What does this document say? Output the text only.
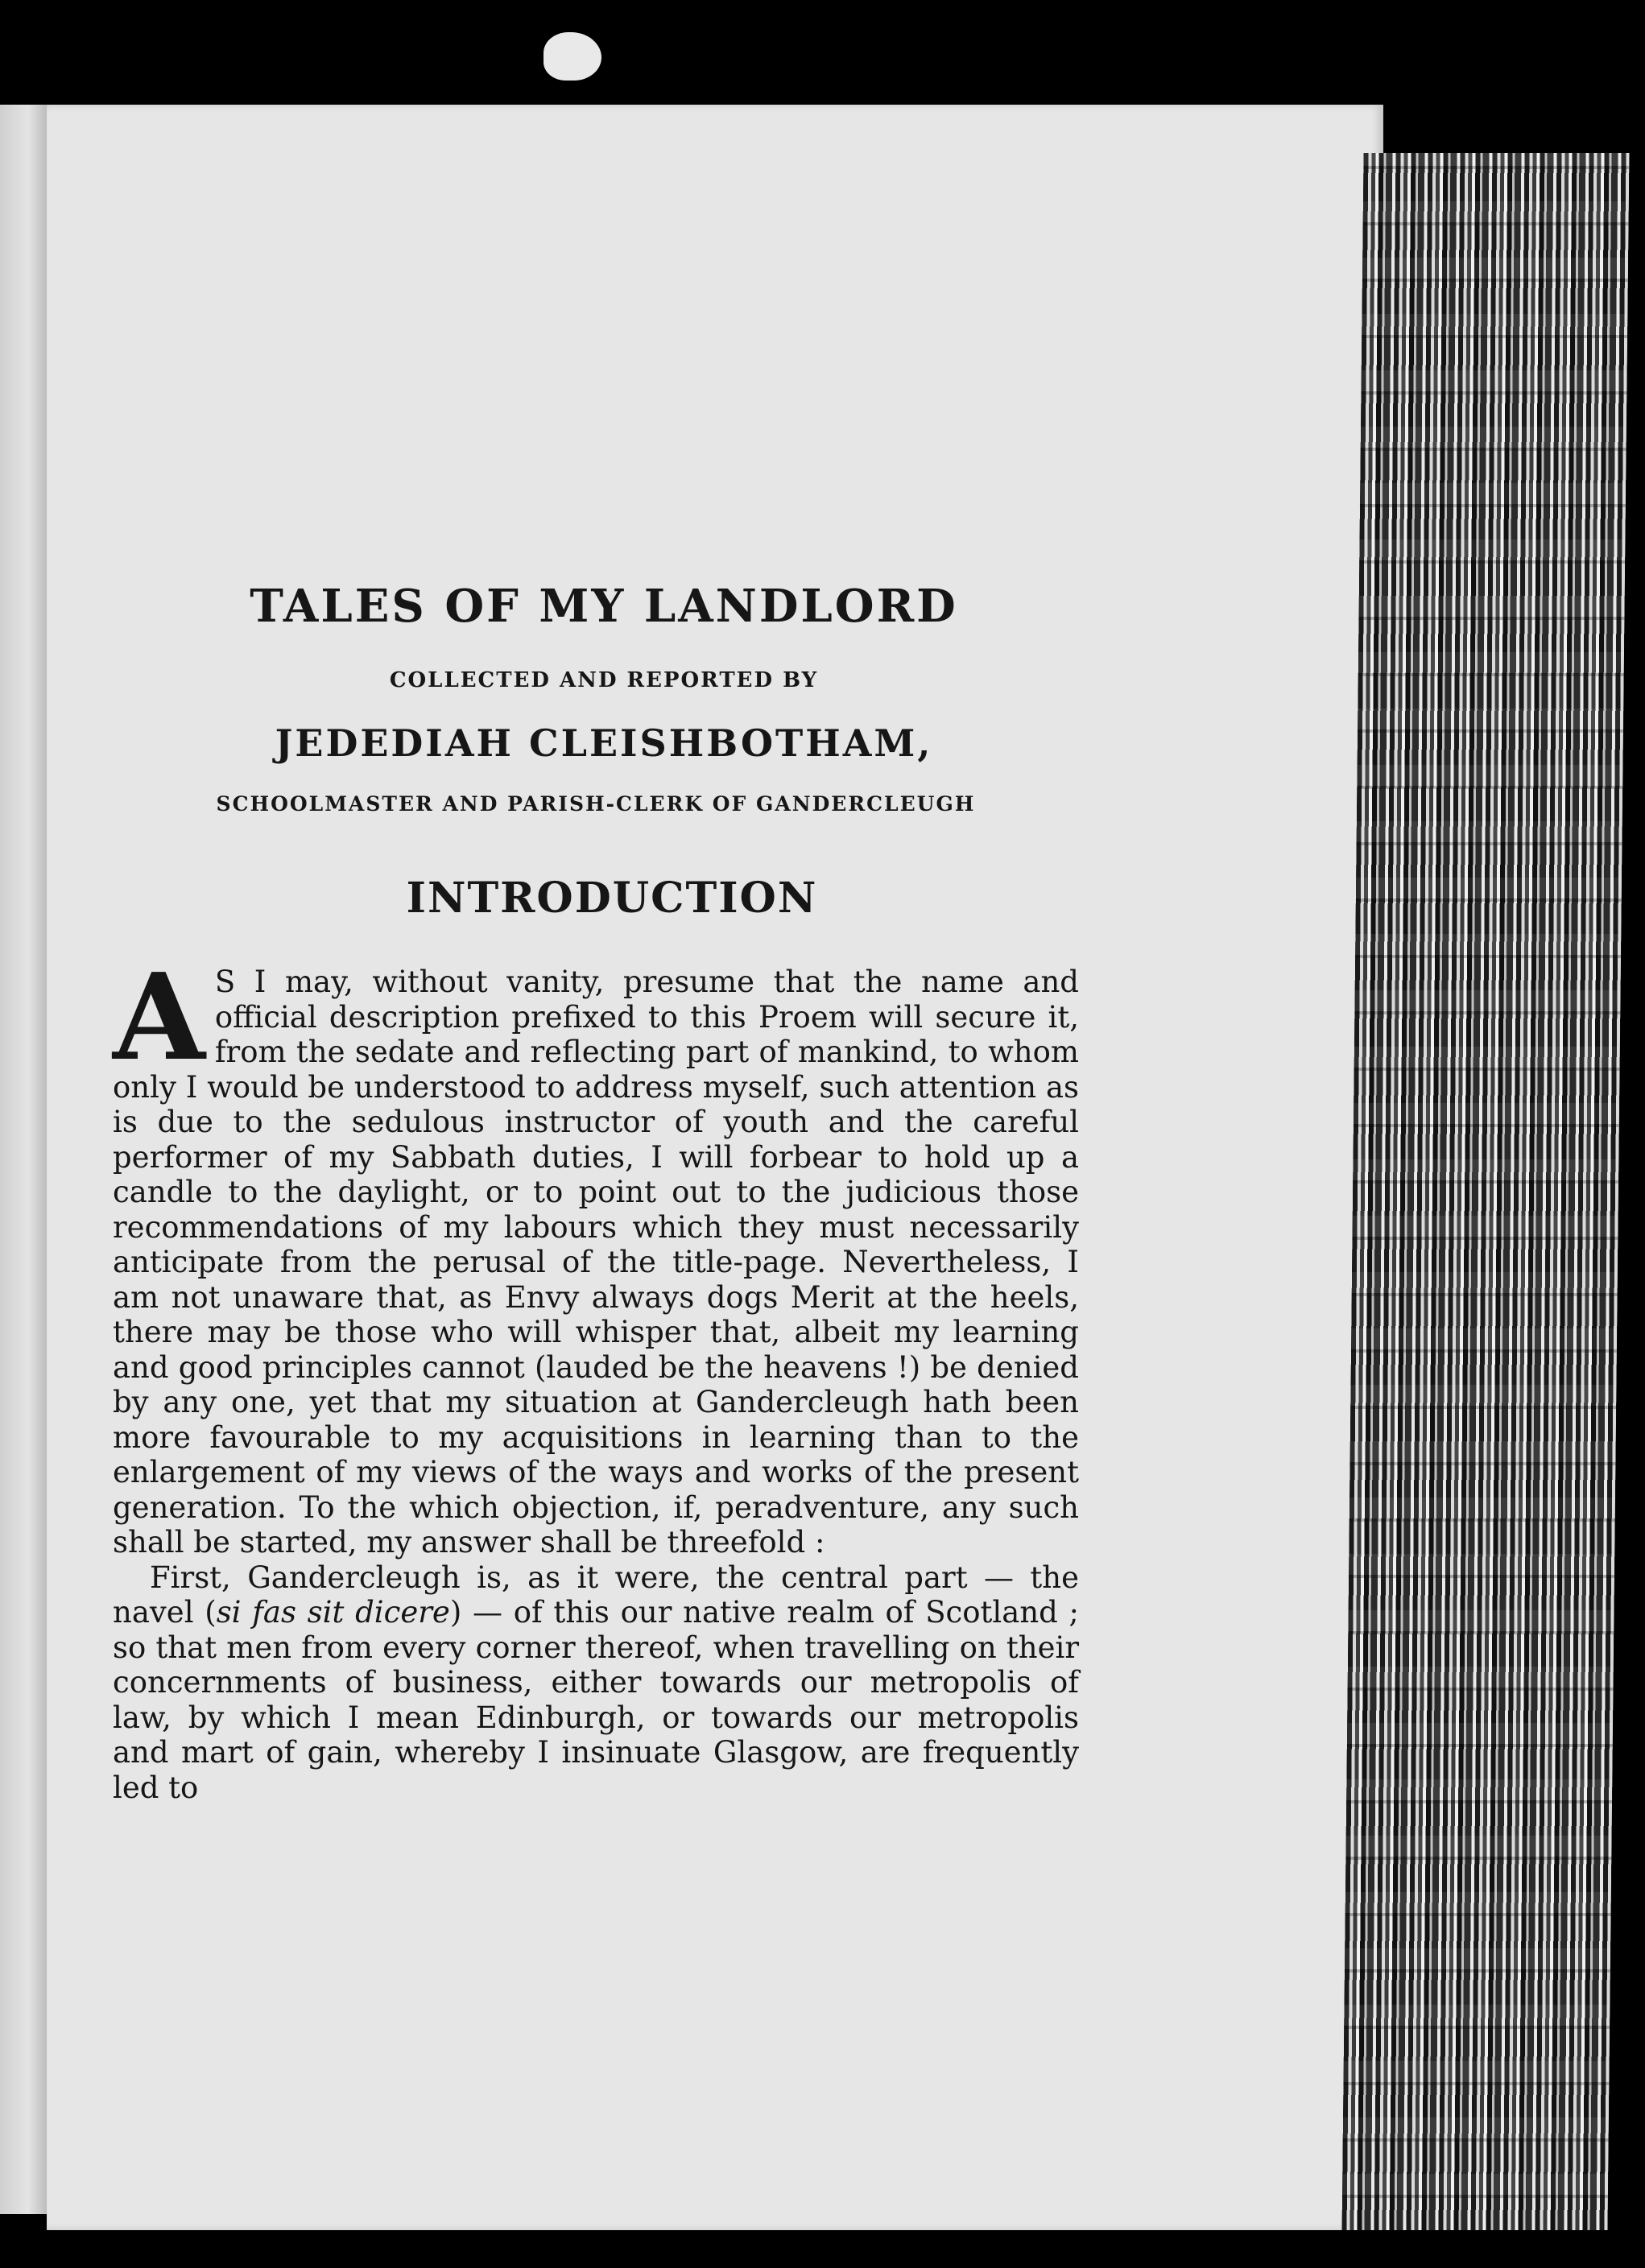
TALES OF MY LANDLORD
COLLECTED AND REPORTED BY
JEDEDIAH CLEISHBOTHAM,
SCHOOLMASTER AND PARISH-CLERK OF GANDERCLEUGH
INTRODUCTION

A S I may, without vanity, presume that the name and official description prefixed to this Proem will secure it, from the sedate and reflecting part of mankind, to whom only I would be understood to address myself, such attention as is due to the sedulous instructor of youth and the careful performer of my Sabbath duties, I will forbear to hold up a candle to the daylight, or to point out to the judicious those recommendations of my labours which they must necessarily anticipate from the perusal of the title-page. Nevertheless, I am not unaware that, as Envy always dogs Merit at the heels, there may be those who will whisper that, albeit my learning and good principles cannot (lauded be the heavens !) be denied by any one, yet that my situation at Gandercleugh hath been more favourable to my acquisitions in learning than to the enlargement of my views of the ways and works of the present generation. To the which objection, if, peradventure, any such shall be started, my answer shall be threefold :

First, Gandercleugh is, as it were, the central part — the navel (si fas sit dicere) — of this our native realm of Scotland ; so that men from every corner thereof, when travelling on their concernments of business, either towards our metropolis of law, by which I mean Edinburgh, or towards our metropolis and mart of gain, whereby I insinuate Glasgow, are frequently led to
